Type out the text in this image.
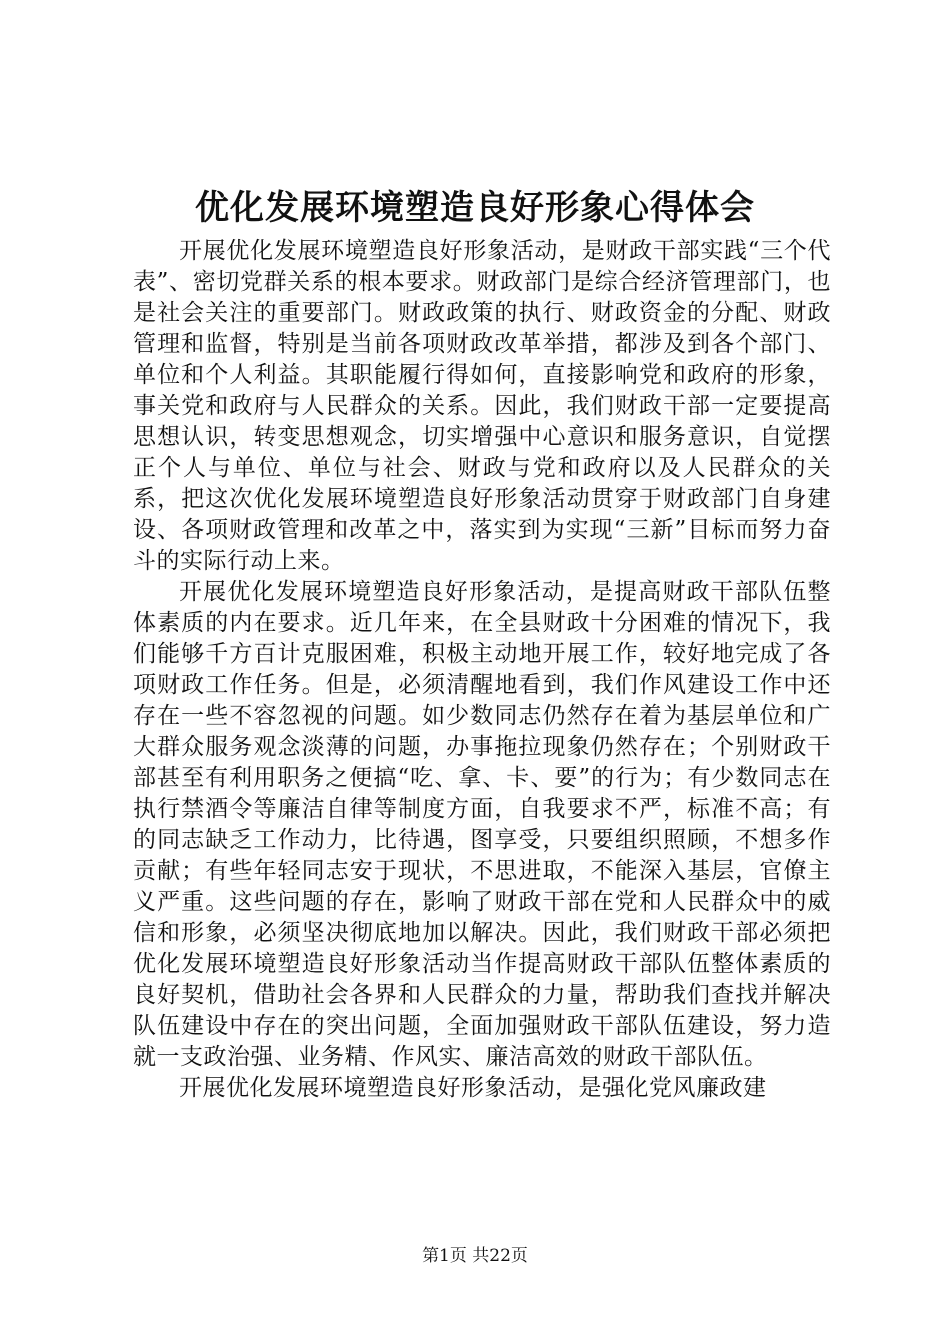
优化发展环境塑造良好形象心得体会

开展优化发展环境塑造良好形象活动，是财政干部实践“三个代表”、密切党群关系的根本要求。财政部门是综合经济管理部门，也是社会关注的重要部门。财政政策的执行、财政资金的分配、财政管理和监督，特别是当前各项财政改革举措，都涉及到各个部门、单位和个人利益。其职能履行得如何，直接影响党和政府的形象，事关党和政府与人民群众的关系。因此，我们财政干部一定要提高思想认识，转变思想观念，切实增强中心意识和服务意识，自觉摆正个人与单位、单位与社会、财政与党和政府以及人民群众的关系，把这次优化发展环境塑造良好形象活动贯穿于财政部门自身建设、各项财政管理和改革之中，落实到为实现“三新”目标而努力奋斗的实际行动上来。

开展优化发展环境塑造良好形象活动，是提高财政干部队伍整体素质的内在要求。近几年来，在全县财政十分困难的情况下，我们能够千方百计克服困难，积极主动地开展工作，较好地完成了各项财政工作任务。但是，必须清醒地看到，我们作风建设工作中还存在一些不容忽视的问题。如少数同志仍然存在着为基层单位和广大群众服务观念淡薄的问题，办事拖拉现象仍然存在；个别财政干部甚至有利用职务之便搞“吃、拿、卡、要”的行为；有少数同志在执行禁酒令等廉洁自律等制度方面，自我要求不严，标准不高；有的同志缺乏工作动力，比待遇，图享受，只要组织照顾，不想多作贡献；有些年轻同志安于现状，不思进取，不能深入基层，官僚主义严重。这些问题的存在，影响了财政干部在党和人民群众中的威信和形象，必须坚决彻底地加以解决。因此，我们财政干部必须把优化发展环境塑造良好形象活动当作提高财政干部队伍整体素质的良好契机，借助社会各界和人民群众的力量，帮助我们查找并解决队伍建设中存在的突出问题，全面加强财政干部队伍建设，努力造就一支政治强、业务精、作风实、廉洁高效的财政干部队伍。

开展优化发展环境塑造良好形象活动，是强化党风廉政建

第1页 共22页
